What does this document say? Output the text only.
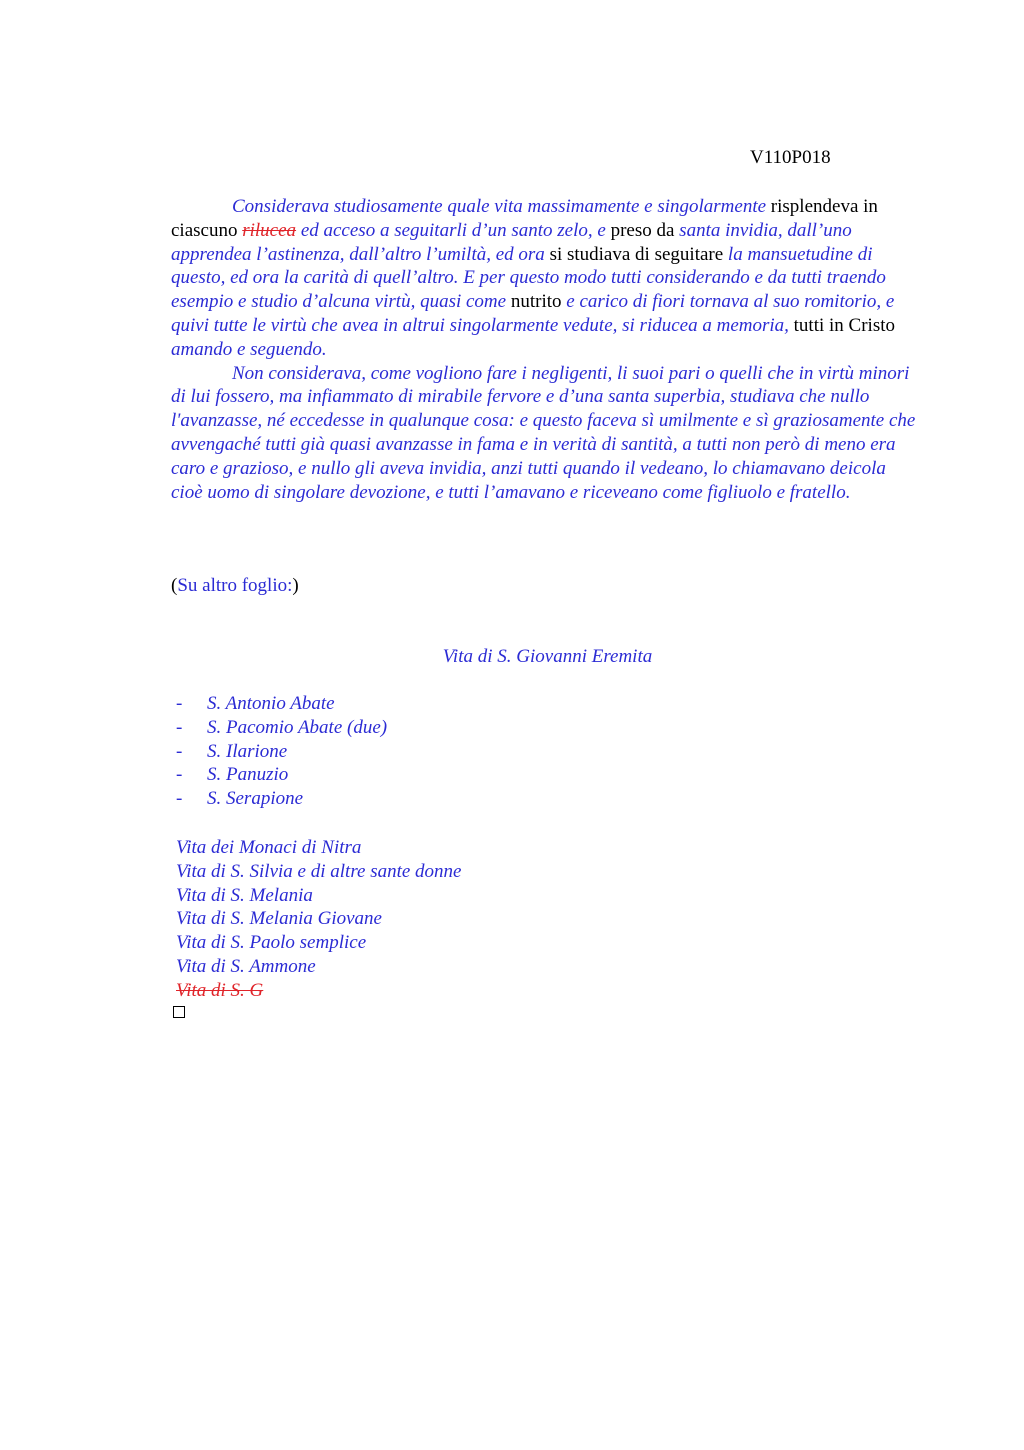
V110P018

Considerava studiosamente quale vita massimamente e singolarmente risplendeva in ciascuno rilucea ed acceso a seguitarli d’un santo zelo, e preso da santa invidia, dall’uno apprendea l’astinenza, dall’altro l’umiltà, ed ora si studiava di seguitare la mansuetudine di questo, ed ora la carità di quell’altro. E per questo modo tutti considerando e da tutti traendo esempio e studio d’alcuna virtù, quasi come nutrito e carico di fiori tornava al suo romitorio, e quivi tutte le virtù che avea in altrui singolarmente vedute, si riducea a memoria, tutti in Cristo amando e seguendo.

Non considerava, come vogliono fare i negligenti, li suoi pari o quelli che in virtù minori di lui fossero, ma infiammato di mirabile fervore e d’una santa superbia, studiava che nullo l'avanzasse, né eccedesse in qualunque cosa: e questo faceva sì umilmente e sì graziosamente che avvengaché tutti già quasi avanzasse in fama e in verità di santità, a tutti non però di meno era caro e grazioso, e nullo gli aveva invidia, anzi tutti quando il vedeano, lo chiamavano deicola cioè uomo di singolare devozione, e tutti l’amavano e riceveano come figliuolo e fratello.

(Su altro foglio:)
Vita di S. Giovanni Eremita
-	S. Antonio Abate
-	S. Pacomio Abate (due)
-	S. Ilarione
-	S. Panuzio
-	S. Serapione
Vita dei Monaci di Nitra
Vita di S. Silvia e di altre sante donne
Vita di S. Melania
Vita di S. Melania Giovane
Vita di S. Paolo semplice
Vita di S. Ammone
Vita di S. G
